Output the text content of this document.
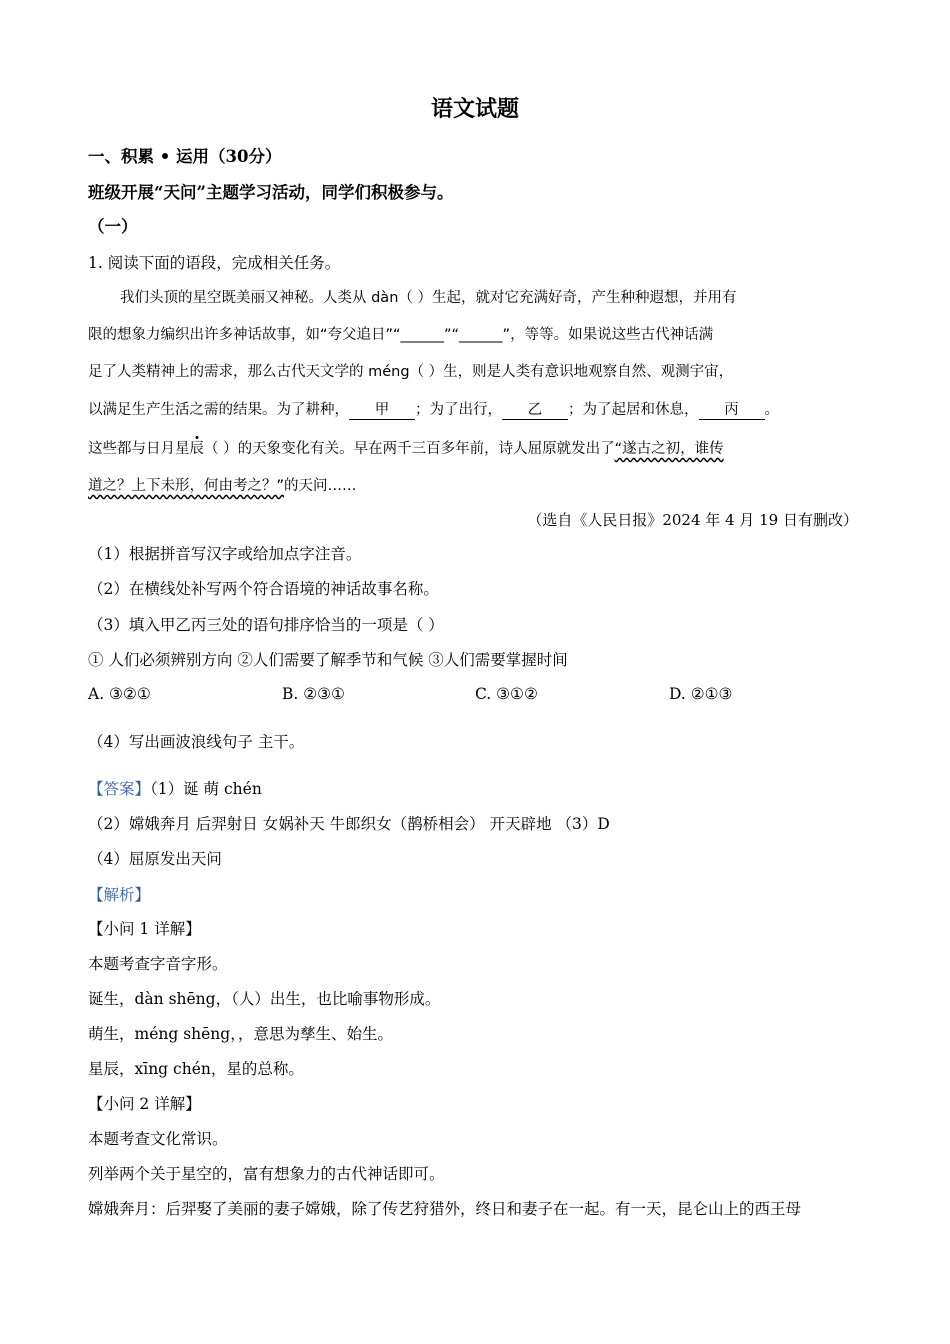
语文试题
一、积累 • 运用（30分）
班级开展“天问”主题学习活动，同学们积极参与。
（一）
1. 阅读下面的语段，完成相关任务。
我们头顶的星空既美丽又神秘。人类从 dàn（ ）生起，就对它充满好奇，产生种种遐想，并用有
限的想象力编织出许多神话故事，如“夸父追日”“______”“______”，等等。如果说这些古代神话满
足了人类精神上的需求，那么古代天文学的 méng（ ）生，则是人类有意识地观察自然、观测宇宙，
以满足生产生活之需的结果。为了耕种， 甲 ；为了出行， 乙 ；为了起居和休息， 丙 。
这些都与日月星辰（ ）的天象变化有关。早在两千三百多年前，诗人屈原就发出了“遂古之初，谁传
道之？上下未形，何由考之？”的天问……
（选自《人民日报》2024 年 4 月 19 日有删改）
（1）根据拼音写汉字或给加点字注音。
（2）在横线处补写两个符合语境的神话故事名称。
（3）填入甲乙丙三处的语句排序恰当的一项是（ ）
① 人们必须辨别方向 ②人们需要了解季节和气候 ③人们需要掌握时间
A. ③②①	B. ②③①	C. ③①②	D. ②①③
（4）写出画波浪线句子 主干。
【答案】（1）诞 萌 chén
（2）嫦娥奔月 后羿射日 女娲补天 牛郎织女（鹊桥相会） 开天辟地 （3）D
（4）屈原发出天问
【解析】
【小问 1 详解】
本题考查字音字形。
诞生，dàn shēng，（人）出生，也比喻事物形成。
萌生，méng shēng，，意思为孳生、始生。
星辰，xīng chén，星的总称。
【小问 2 详解】
本题考查文化常识。
列举两个关于星空的，富有想象力的古代神话即可。
嫦娥奔月：后羿娶了美丽的妻子嫦娥，除了传艺狩猎外，终日和妻子在一起。有一天，昆仑山上的西王母
